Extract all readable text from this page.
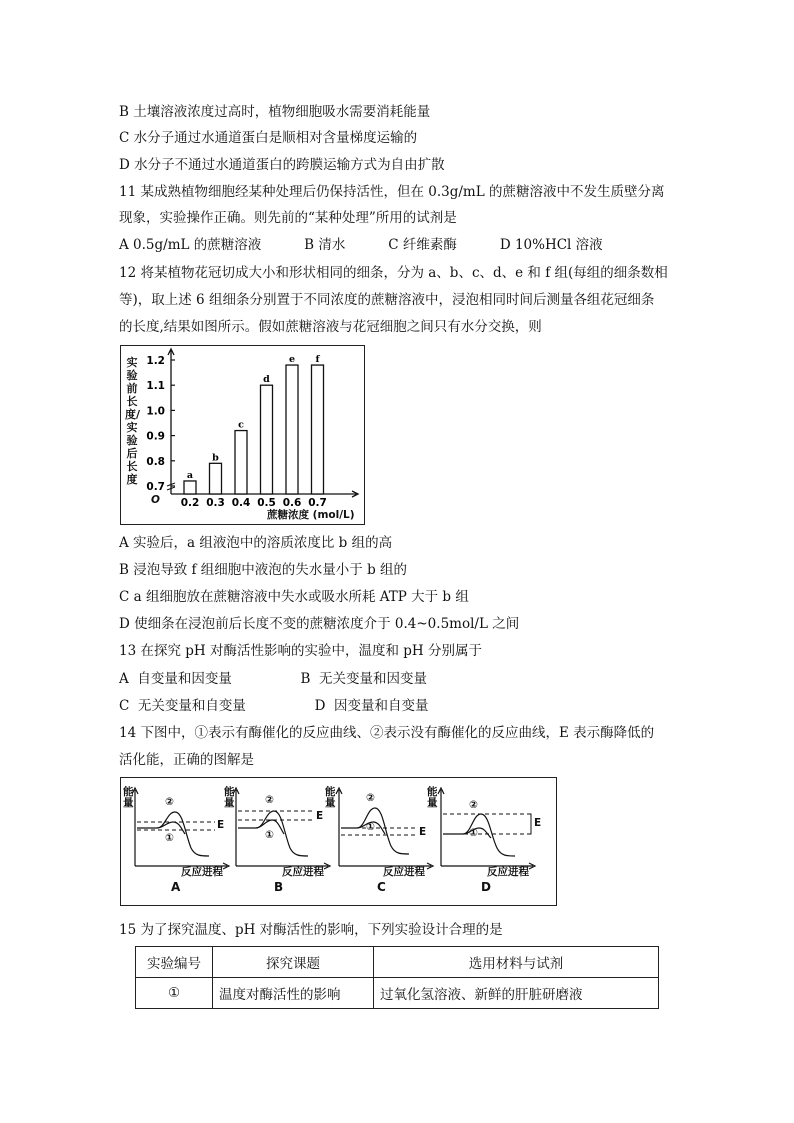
B 土壤溶液浓度过高时，植物细胞吸水需要消耗能量
C 水分子通过水通道蛋白是顺相对含量梯度运输的
D 水分子不通过水通道蛋白的跨膜运输方式为自由扩散
11 某成熟植物细胞经某种处理后仍保持活性，但在 0.3g/mL 的蔗糖溶液中不发生质壁分离
现象，实验操作正确。则先前的“某种处理”所用的试剂是
A 0.5g/mL 的蔗糖溶液          B 清水          C 纤维素酶          D 10%HCl 溶液
12 将某植物花冠切成大小和形状相同的细条，分为 a、b、c、d、e 和 f 组(每组的细条数相
等)，取上述 6 组细条分别置于不同浓度的蔗糖溶液中，浸泡相同时间后测量各组花冠细条
的长度,结果如图所示。假如蔗糖溶液与花冠细胞之间只有水分交换，则
实验前长度/实验后长度
0.7
0.8
0.9
1.0
1.1
1.2
a
0.2
b
0.3
c
0.4
d
0.5
e
0.6
f
0.7
蔗糖浓度 (mol/L)
O
A 实验后，a 组液泡中的溶质浓度比 b 组的高
B 浸泡导致 f 组细胞中液泡的失水量小于 b 组的
C a 组细胞放在蔗糖溶液中失水或吸水所耗 ATP 大于 b 组
D 使细条在浸泡前后长度不变的蔗糖浓度介于 0.4~0.5mol/L 之间
13 在探究 pH 对酶活性影响的实验中，温度和 pH 分别属于
A  自变量和因变量                B  无关变量和因变量
C  无关变量和自变量                D  因变量和自变量
14 下图中，①表示有酶催化的反应曲线、②表示没有酶催化的反应曲线，E 表示酶降低的
活化能，正确的图解是
能量	②
①
E
A
能量	②
①
E
B
能量	②
①	E
C
能量	②
①
E
D
反应进程	反应进程	反应进程	反应进程
15 为了探究温度、pH 对酶活性的影响，下列实验设计合理的是
实验编号	探究课题	选用材料与试剂
①	温度对酶活性的影响	过氧化氢溶液、新鲜的肝脏研磨液
